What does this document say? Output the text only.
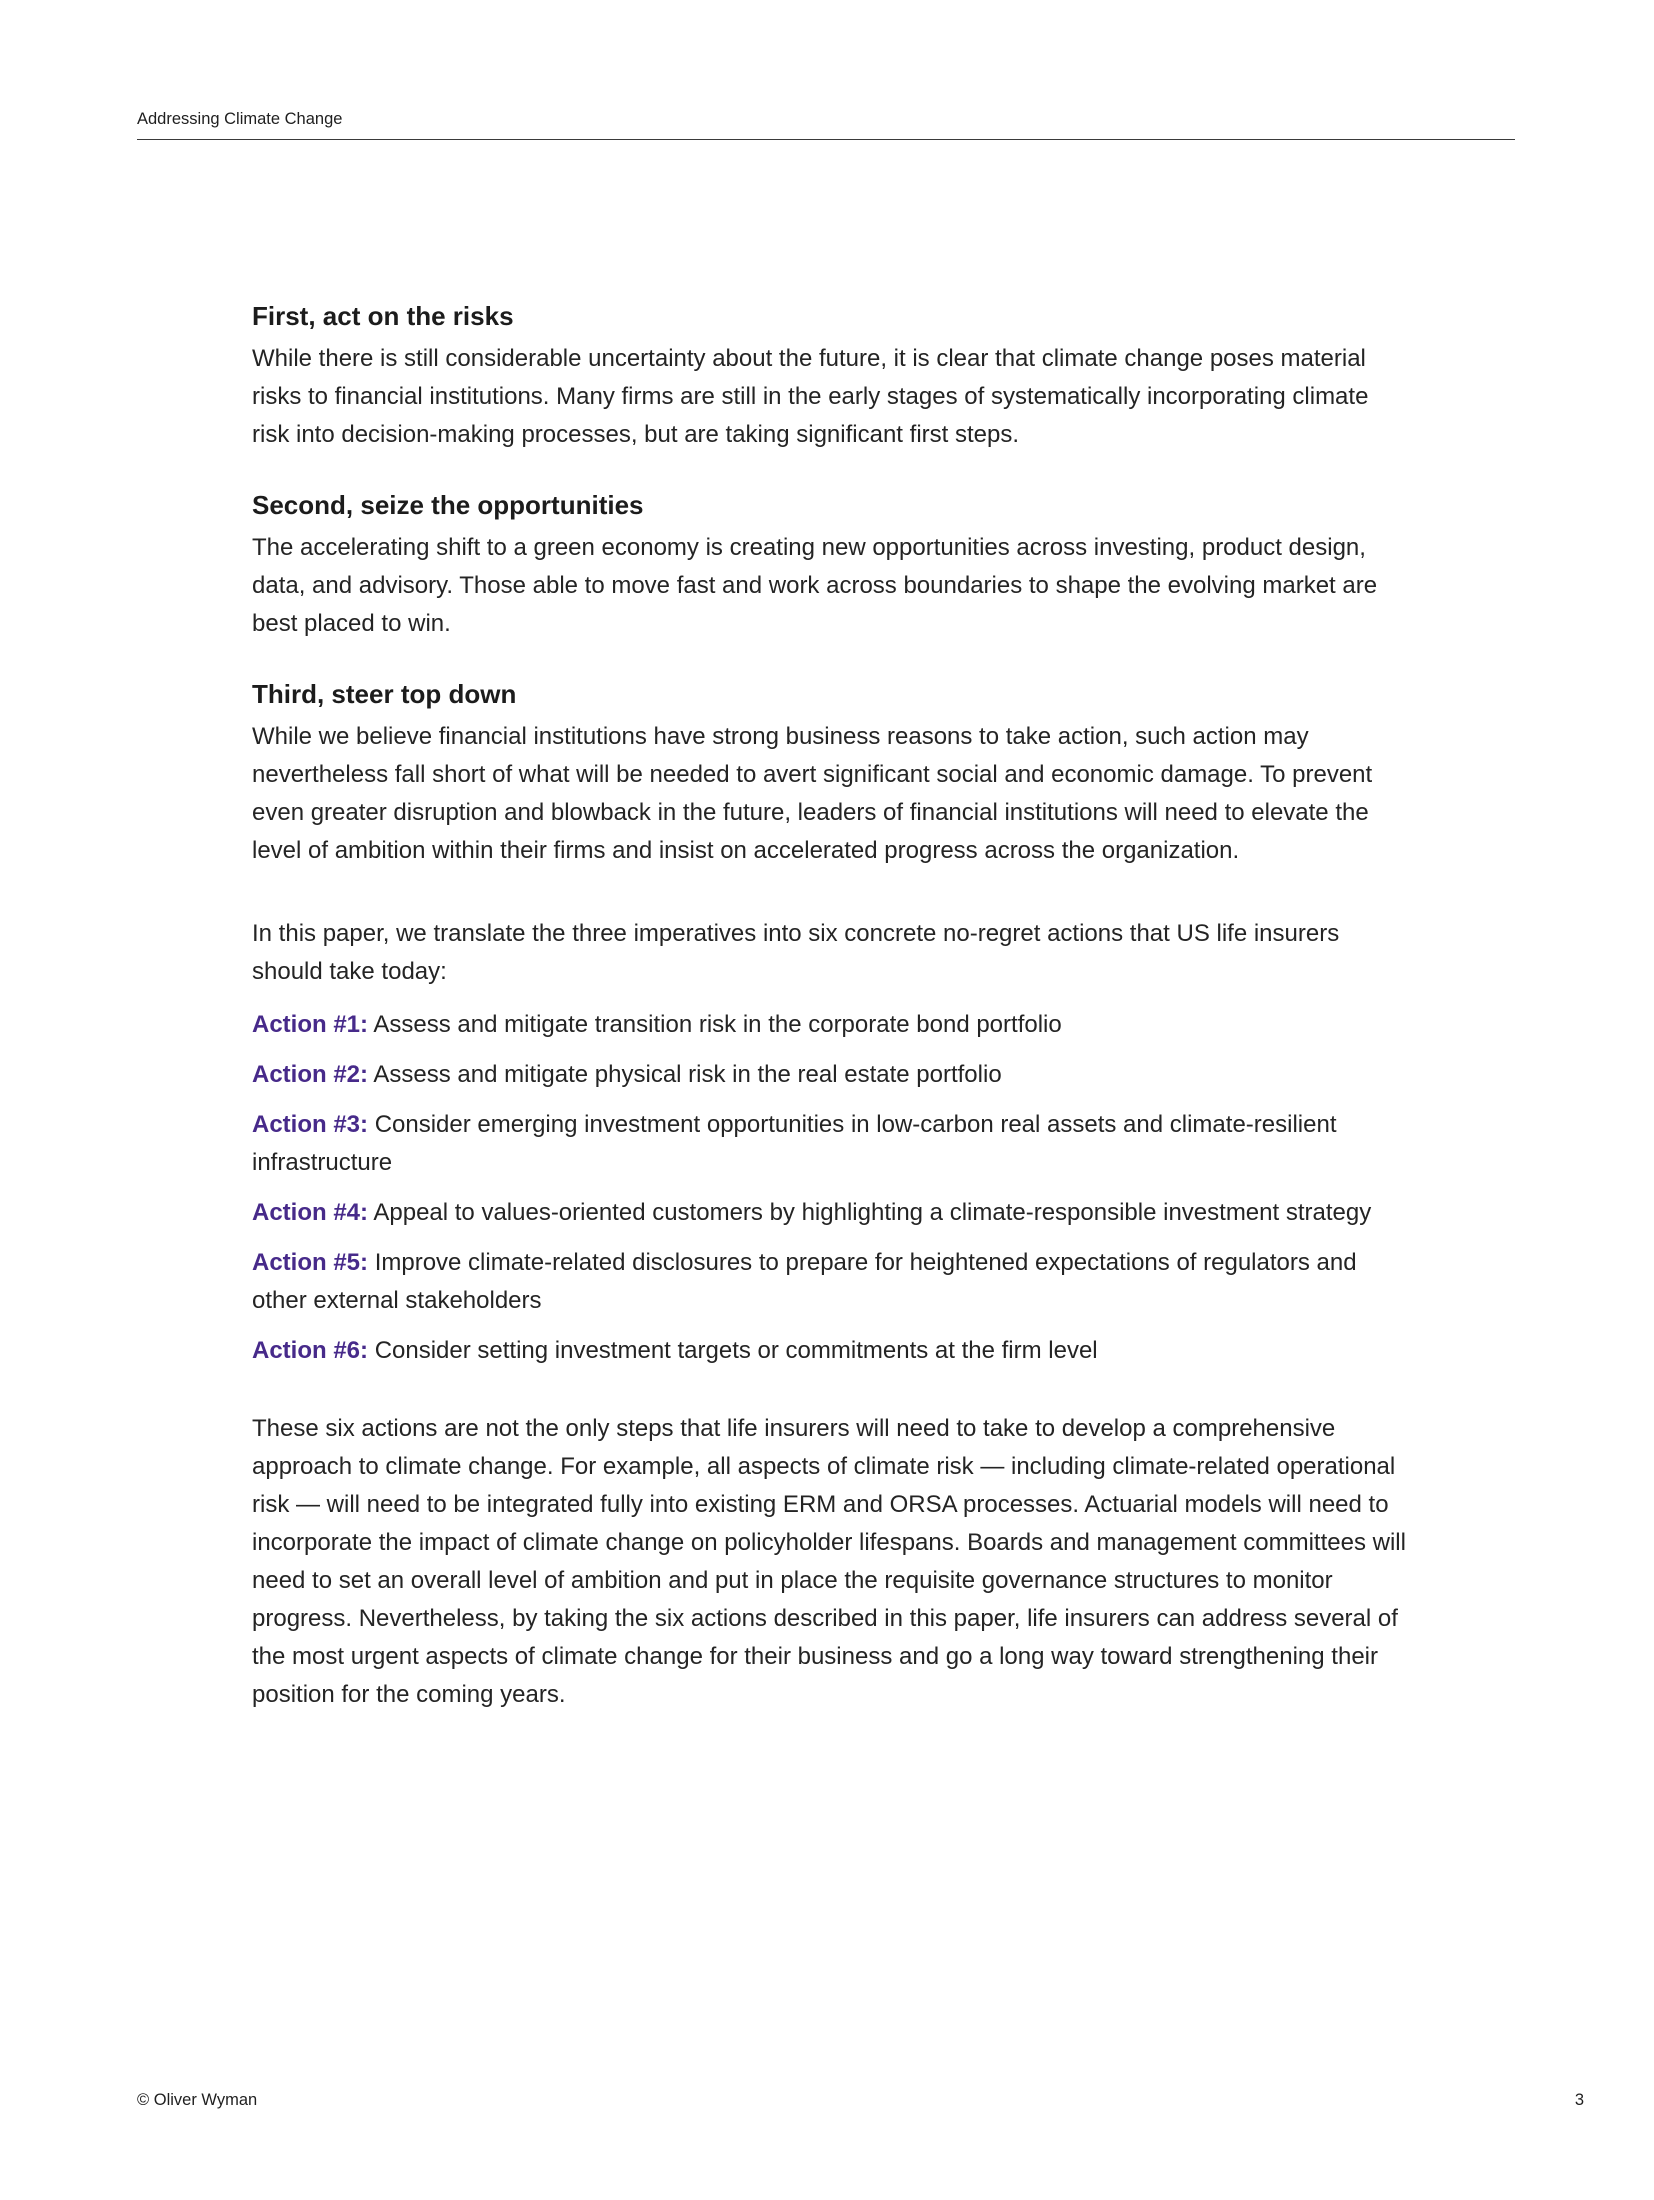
Addressing Climate Change
First, act on the risks

While there is still considerable uncertainty about the future, it is clear that climate change poses material risks to financial institutions. Many firms are still in the early stages of systematically incorporating climate risk into decision-making processes, but are taking significant first steps.

Second, seize the opportunities

The accelerating shift to a green economy is creating new opportunities across investing, product design, data, and advisory. Those able to move fast and work across boundaries to shape the evolving market are best placed to win.

Third, steer top down

While we believe financial institutions have strong business reasons to take action, such action may nevertheless fall short of what will be needed to avert significant social and economic damage. To prevent even greater disruption and blowback in the future, leaders of financial institutions will need to elevate the level of ambition within their firms and insist on accelerated progress across the organization.

In this paper, we translate the three imperatives into six concrete no-regret actions that US life insurers should take today:

Action #1: Assess and mitigate transition risk in the corporate bond portfolio

Action #2: Assess and mitigate physical risk in the real estate portfolio

Action #3: Consider emerging investment opportunities in low-carbon real assets and climate-resilient infrastructure

Action #4: Appeal to values-oriented customers by highlighting a climate-responsible investment strategy

Action #5: Improve climate-related disclosures to prepare for heightened expectations of regulators and other external stakeholders

Action #6: Consider setting investment targets or commitments at the firm level

These six actions are not the only steps that life insurers will need to take to develop a comprehensive approach to climate change. For example, all aspects of climate risk — including climate-related operational risk — will need to be integrated fully into existing ERM and ORSA processes. Actuarial models will need to incorporate the impact of climate change on policyholder lifespans. Boards and management committees will need to set an overall level of ambition and put in place the requisite governance structures to monitor progress. Nevertheless, by taking the six actions described in this paper, life insurers can address several of the most urgent aspects of climate change for their business and go a long way toward strengthening their position for the coming years.

© Oliver Wyman	3
